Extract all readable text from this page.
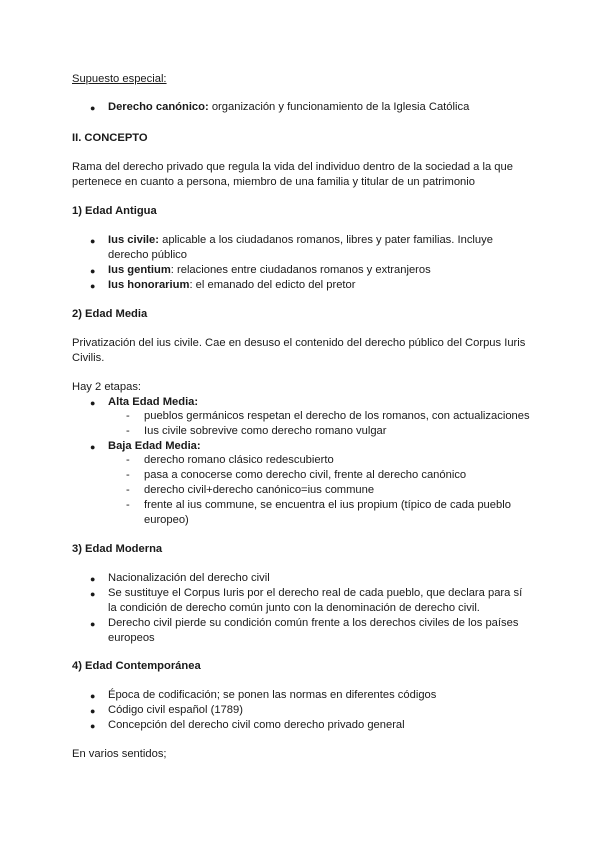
Supuesto especial:
● Derecho canónico: organización y funcionamiento de la Iglesia Católica
II. CONCEPTO
Rama del derecho privado que regula la vida del individuo dentro de la sociedad a la que
pertenece en cuanto a persona, miembro de una familia y titular de un patrimonio
1) Edad Antigua
● Ius civile: aplicable a los ciudadanos romanos, libres y pater familias. Incluye
derecho público
● Ius gentium: relaciones entre ciudadanos romanos y extranjeros
● Ius honorarium: el emanado del edicto del pretor
2) Edad Media
Privatización del ius civile. Cae en desuso el contenido del derecho público del Corpus Iuris
Civilis.
Hay 2 etapas:
● Alta Edad Media:
- pueblos germánicos respetan el derecho de los romanos, con actualizaciones
- Ius civile sobrevive como derecho romano vulgar
● Baja Edad Media:
- derecho romano clásico redescubierto
- pasa a conocerse como derecho civil, frente al derecho canónico
- derecho civil+derecho canónico=ius commune
- frente al ius commune, se encuentra el ius propium (típico de cada pueblo
europeo)
3) Edad Moderna
● Nacionalización del derecho civil
● Se sustituye el Corpus Iuris por el derecho real de cada pueblo, que declara para sí
la condición de derecho común junto con la denominación de derecho civil.
● Derecho civil pierde su condición común frente a los derechos civiles de los países
europeos
4) Edad Contemporánea
● Época de codificación; se ponen las normas en diferentes códigos
● Código civil español (1789)
● Concepción del derecho civil como derecho privado general
En varios sentidos;
